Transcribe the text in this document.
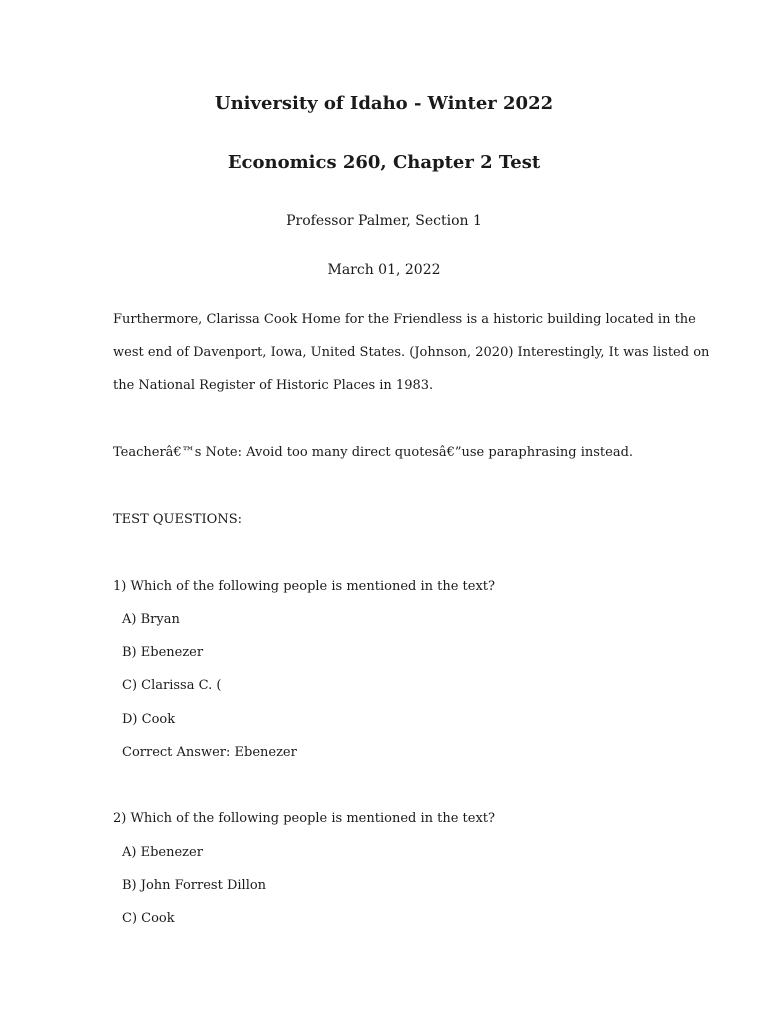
University of Idaho - Winter 2022
Economics 260, Chapter 2 Test
Professor Palmer, Section 1
March 01, 2022
Furthermore, Clarissa Cook Home for the Friendless is a historic building located in the
west end of Davenport, Iowa, United States. (Johnson, 2020) Interestingly, It was listed on
the National Register of Historic Places in 1983.
Teacherâ€™s Note: Avoid too many direct quotesâ€”use paraphrasing instead.
TEST QUESTIONS:
1) Which of the following people is mentioned in the text?
A) Bryan
B) Ebenezer
C) Clarissa C. (
D) Cook
Correct Answer: Ebenezer
2) Which of the following people is mentioned in the text?
A) Ebenezer
B) John Forrest Dillon
C) Cook
